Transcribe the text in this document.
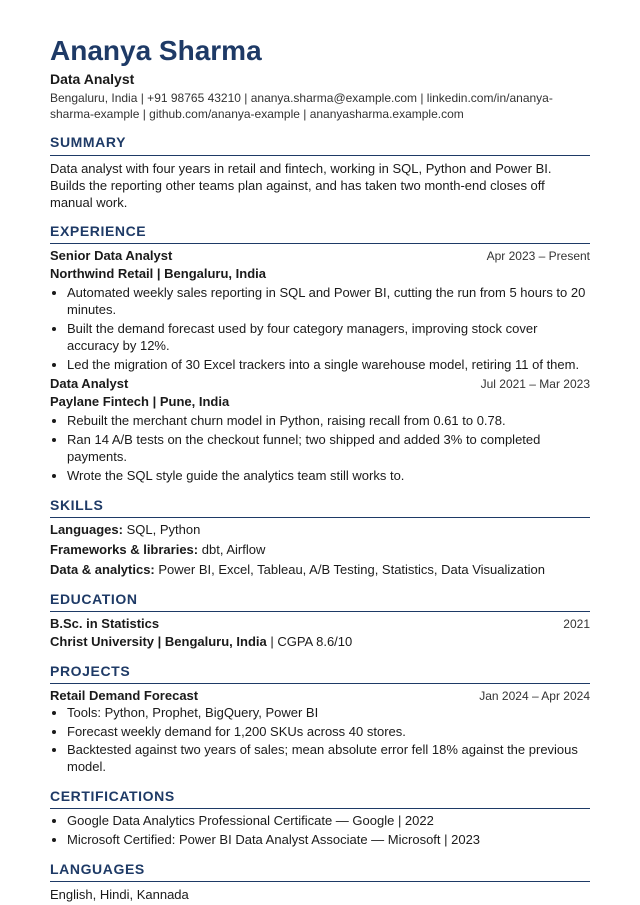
Ananya Sharma
Data Analyst

Bengaluru, India | +91 98765 43210 | ananya.sharma@example.com | linkedin.com/in/ananya-sharma-example | github.com/ananya-example | ananyasharma.example.com

SUMMARY

Data analyst with four years in retail and fintech, working in SQL, Python and Power BI. Builds the reporting other teams plan against, and has taken two month-end closes off manual work.

EXPERIENCE
Senior Data Analyst	Apr 2023 – Present
Northwind Retail | Bengaluru, India
• Automated weekly sales reporting in SQL and Power BI, cutting the run from 5 hours to 20 minutes.
• Built the demand forecast used by four category managers, improving stock cover accuracy by 12%.
• Led the migration of 30 Excel trackers into a single warehouse model, retiring 11 of them.
Data Analyst	Jul 2021 – Mar 2023
Paylane Fintech | Pune, India
• Rebuilt the merchant churn model in Python, raising recall from 0.61 to 0.78.
• Ran 14 A/B tests on the checkout funnel; two shipped and added 3% to completed payments.
• Wrote the SQL style guide the analytics team still works to.
SKILLS
Languages: SQL, Python
Frameworks & libraries: dbt, Airflow
Data & analytics: Power BI, Excel, Tableau, A/B Testing, Statistics, Data Visualization
EDUCATION
B.Sc. in Statistics	2021
Christ University | Bengaluru, India | CGPA 8.6/10
PROJECTS
Retail Demand Forecast	Jan 2024 – Apr 2024
• Tools: Python, Prophet, BigQuery, Power BI
• Forecast weekly demand for 1,200 SKUs across 40 stores.
• Backtested against two years of sales; mean absolute error fell 18% against the previous model.
CERTIFICATIONS
• Google Data Analytics Professional Certificate — Google | 2022
• Microsoft Certified: Power BI Data Analyst Associate — Microsoft | 2023
LANGUAGES

English, Hindi, Kannada
